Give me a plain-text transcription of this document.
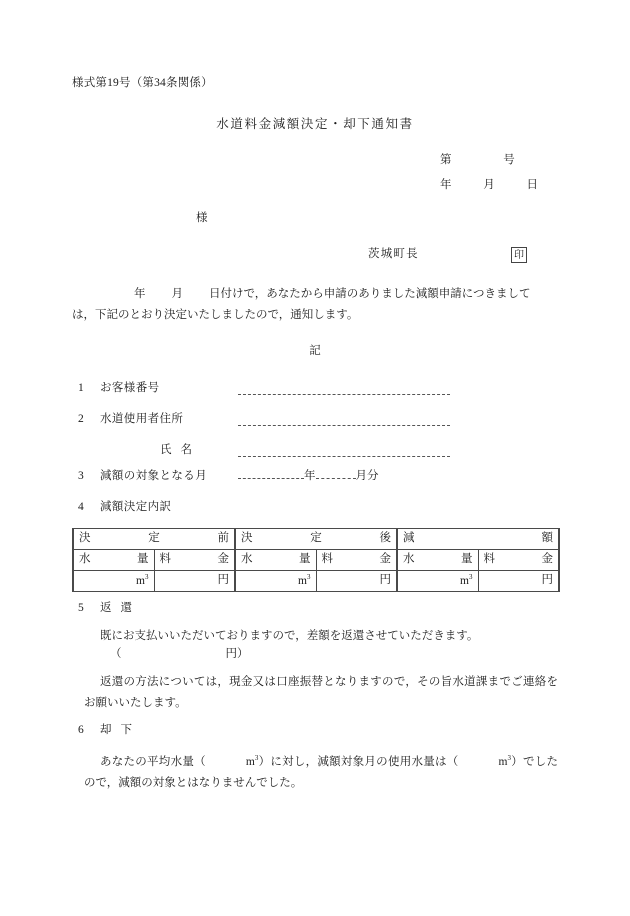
様式第19号（第34条関係）
水道料金減額決定・却下通知書
第	号
年	月	日
様
茨城町長	印
年 月 日付けで，あなたから申請のありました減額申請につきまして
は，下記のとおり決定いたしましたので，通知します。
記
1 お客様番号
2 水道使用者住所
氏 名
3 減額の対象となる月	年	月分
4 減額決定内訳
決　　　　定　　　　前		決　　　　定　　　　後		減　　　　　　　　額	
水　　量	料　　金	水　　量	料　　金	水　　量	料　　金
$m^3$	円	$m^3$	円	$m^3$	円
5 返 還
既にお支払いいただいておりますので，差額を返還させていただきます。
（	円）
返還の方法については，現金又は口座振替となりますので，その旨水道課までご連絡をお願いいたします。
6 却 下
あなたの平均水量（	$m^3$）に対し，減額対象月の使用水量は（	$m^3$）でしたので，減額の対象とはなりませんでした。
